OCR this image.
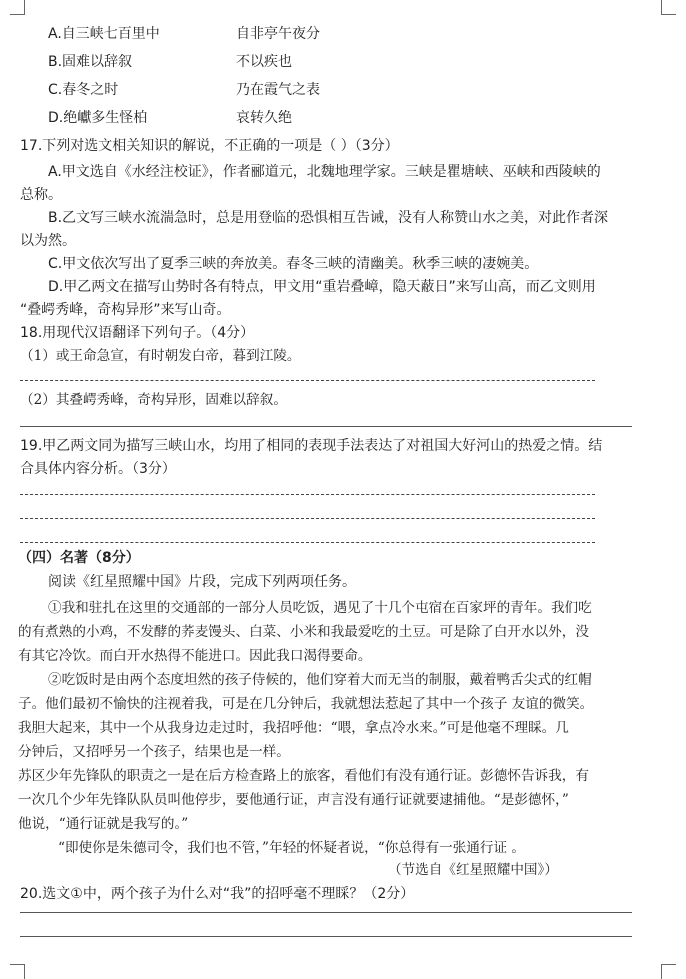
A.自三峡七百里中	自非亭午夜分
B.固难以辞叙	不以疾也
C.春冬之时	乃在霞气之表
D.绝巘多生怪柏	哀转久绝
17.下列对选文相关知识的解说，不正确的一项是（ ）（3分）
A.甲文选自《水经注校证》，作者郦道元，北魏地理学家。三峡是瞿塘峡、巫峡和西陵峡的
总称。
B.乙文写三峡水流湍急时，总是用登临的恐惧相互告诫，没有人称赞山水之美，对此作者深
以为然。
C.甲文依次写出了夏季三峡的奔放美。春冬三峡的清幽美。秋季三峡的凄婉美。
D.甲乙两文在描写山势时各有特点，甲文用“重岩叠嶂，隐天蔽日”来写山高，而乙文则用
“叠崿秀峰，奇构异形”来写山奇。
18.用现代汉语翻译下列句子。（4分）
（1）或王命急宣，有时朝发白帝，暮到江陵。
（2）其叠崿秀峰，奇构异形，固难以辞叙。
19.甲乙两文同为描写三峡山水，均用了相同的表现手法表达了对祖国大好河山的热爱之情。结
合具体内容分析。（3分）
（四）名著（8分）
阅读《红星照耀中国》片段，完成下列两项任务。
①我和驻扎在这里的交通部的一部分人员吃饭，遇见了十几个屯宿在百家坪的青年。我们吃
的有煮熟的小鸡，不发酵的荞麦馒头、白菜、小米和我最爱吃的土豆。可是除了白开水以外，没
有其它冷饮。而白开水热得不能进口。因此我口渴得要命。
②吃饭时是由两个态度坦然的孩子侍候的，他们穿着大而无当的制服，戴着鸭舌尖式的红帽
子。他们最初不愉快的注视着我，可是在几分钟后，我就想法惹起了其中一个孩子 友谊的微笑。
我胆大起来，其中一个从我身边走过时，我招呼他：“喂，拿点冷水来。”可是他毫不理睬。几
分钟后，又招呼另一个孩子，结果也是一样。
苏区少年先锋队的职责之一是在后方检查路上的旅客，看他们有没有通行证。彭德怀告诉我，有
一次几个少年先锋队队员叫他停步，要他通行证，声言没有通行证就要逮捕他。“是彭德怀，”
他说，“通行证就是我写的。”
“即使你是朱德司令，我们也不管，”年轻的怀疑者说，“你总得有一张通行证 。
（节选自《红星照耀中国》）
20.选文①中，两个孩子为什么对“我”的招呼毫不理睬？（2分）
